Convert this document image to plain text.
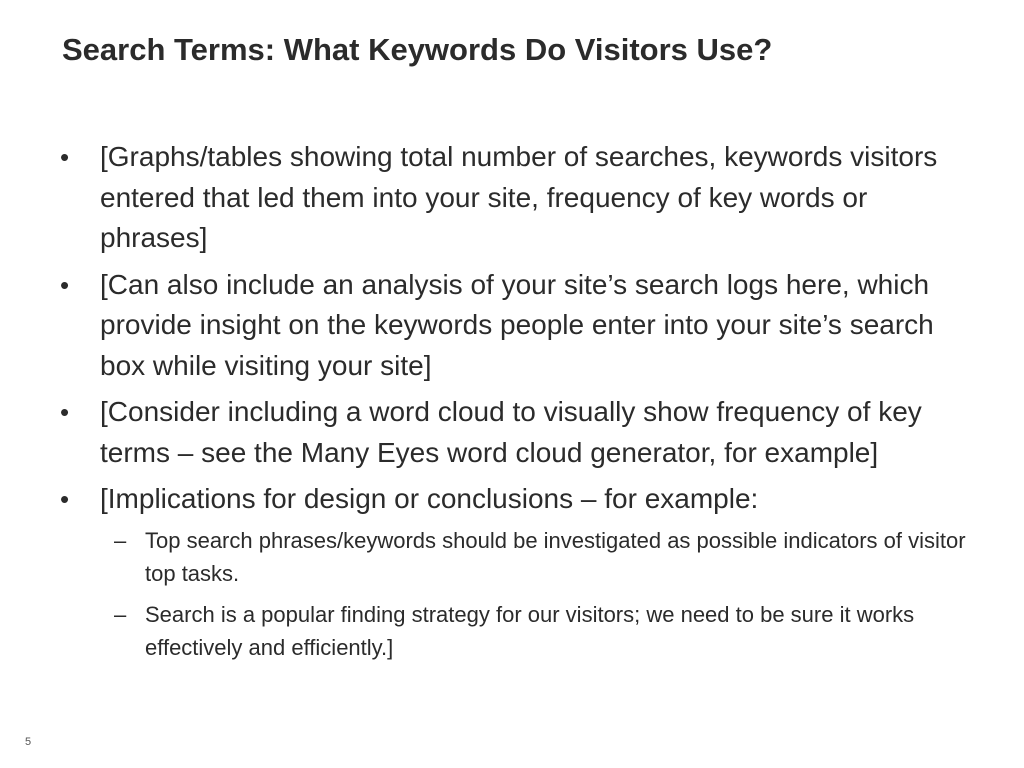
Search Terms: What Keywords Do Visitors Use?
• [Graphs/tables showing total number of searches, keywords visitors entered that led them into your site, frequency of key words or phrases]
• [Can also include an analysis of your site’s search logs here, which provide insight on the keywords people enter into your site’s search box while visiting your site]
• [Consider including a word cloud to visually show frequency of key terms – see the Many Eyes word cloud generator, for example]
• [Implications for design or conclusions – for example:
– Top search phrases/keywords should be investigated as possible indicators of visitor top tasks.
– Search is a popular finding strategy for our visitors; we need to be sure it works effectively and efficiently.]
5
